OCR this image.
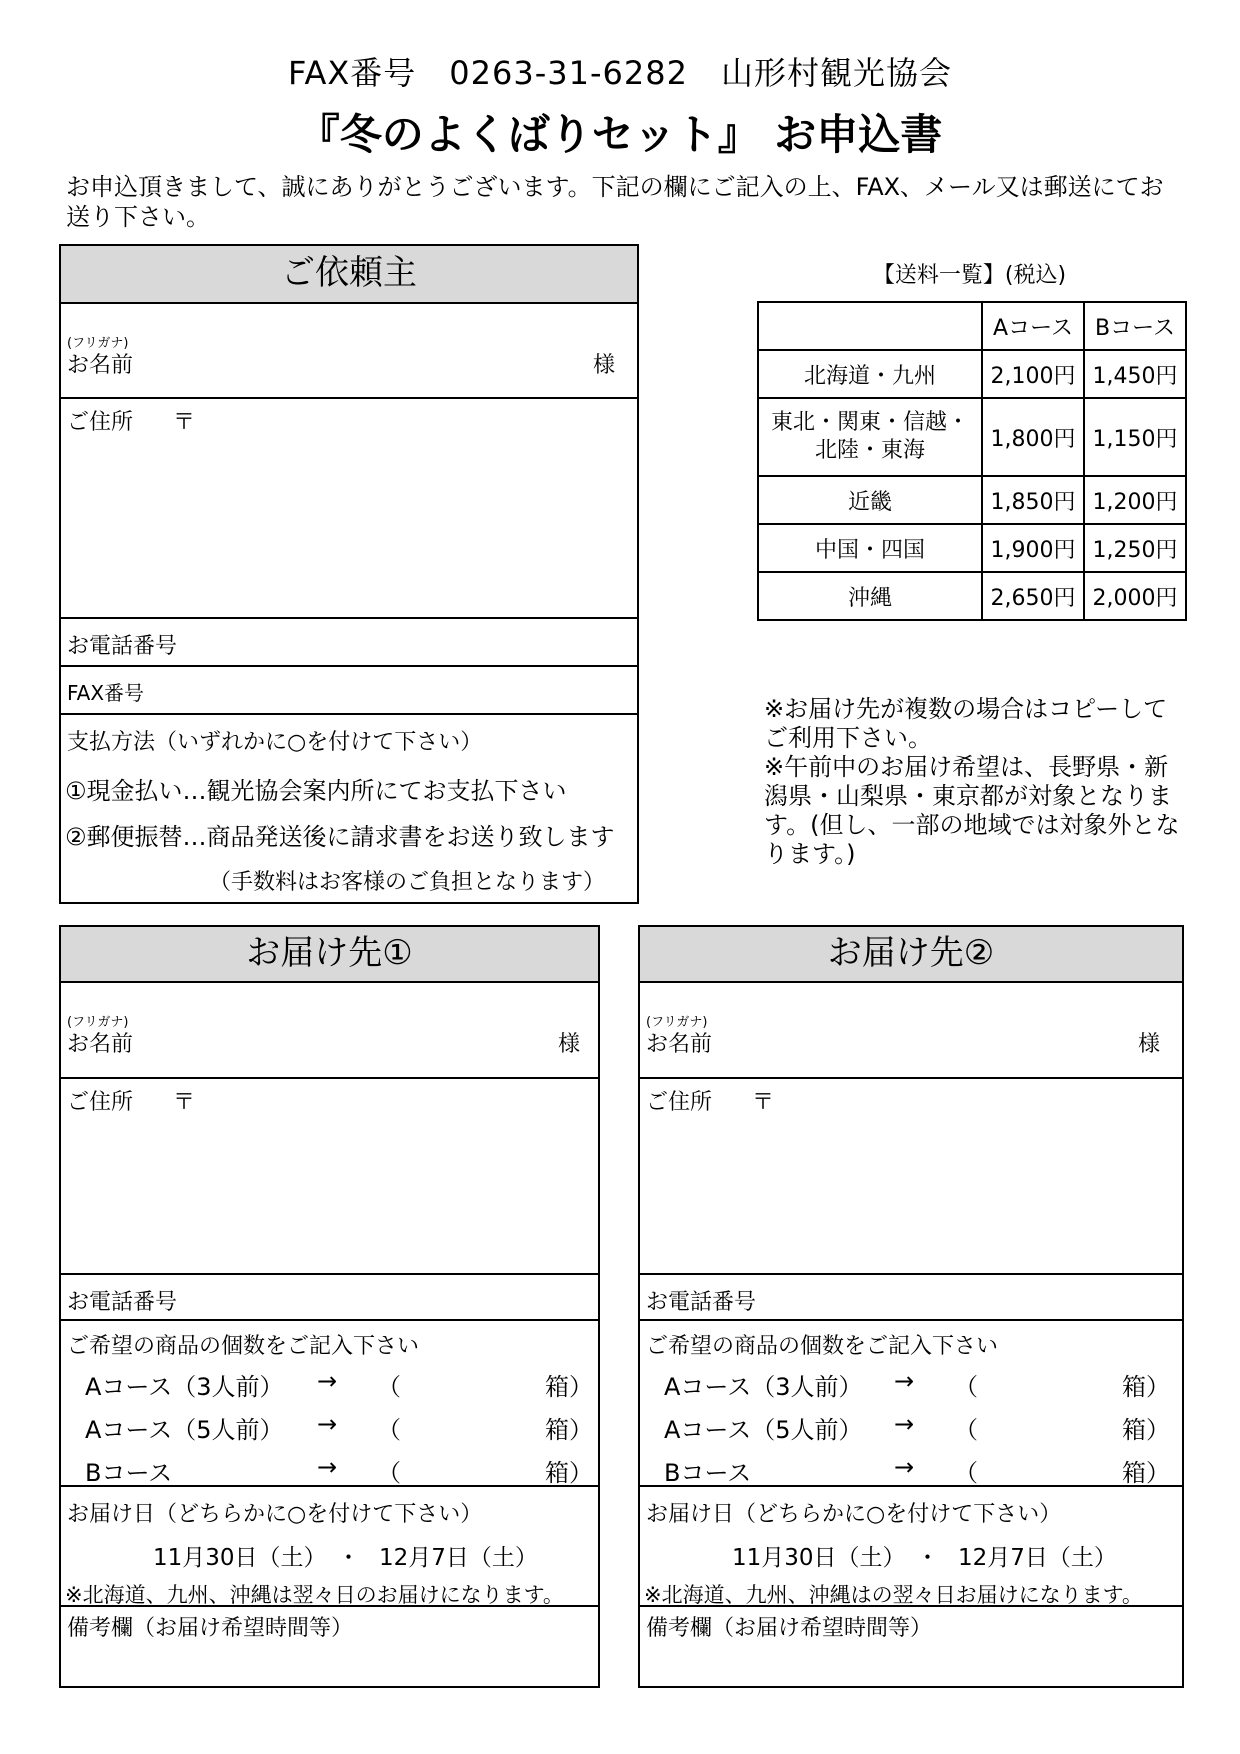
FAX番号　0263-31-6282　山形村観光協会
『冬のよくばりセット』 お申込書
お申込頂きまして、誠にありがとうございます。下記の欄にご記入の上、FAX、メール又は郵送にてお送り下さい。
ご依頼主
(フリガナ)
お名前	様
ご住所 〒
お電話番号
FAX番号
支払方法（いずれかに○を付けて下さい）
①現金払い…観光協会案内所にてお支払下さい
②郵便振替…商品発送後に請求書をお送り致します
（手数料はお客様のご負担となります）
【送料一覧】(税込)
	Aコース	Bコース
北海道・九州	2,100円	1,450円
東北・関東・信越・
北陸・東海	1,800円	1,150円
近畿	1,850円	1,200円
中国・四国	1,900円	1,250円
沖縄	2,650円	2,000円
※お届け先が複数の場合はコピーしてご利用下さい。
※午前中のお届け希望は、長野県・新潟県・山梨県・東京都が対象となります。(但し、一部の地域では対象外となります。)
お届け先①
(フリガナ)
お名前	様
ご住所 〒
お電話番号
ご希望の商品の個数をご記入下さい
Aコース（3人前） → （	箱）
Aコース（5人前） → （	箱）
Bコース	→ （	箱）
お届け日（どちらかに○を付けて下さい）
11月30日（土） ・ 12月7日（土）
※北海道、九州、沖縄は翌々日のお届けになります。
備考欄（お届け希望時間等）
お届け先②
(フリガナ)
お名前	様
ご住所 〒
お電話番号
ご希望の商品の個数をご記入下さい
Aコース（3人前） → （	箱）
Aコース（5人前） → （	箱）
Bコース	→ （	箱）
お届け日（どちらかに○を付けて下さい）
11月30日（土） ・ 12月7日（土）
※北海道、九州、沖縄はの翌々日お届けになります。
備考欄（お届け希望時間等）
